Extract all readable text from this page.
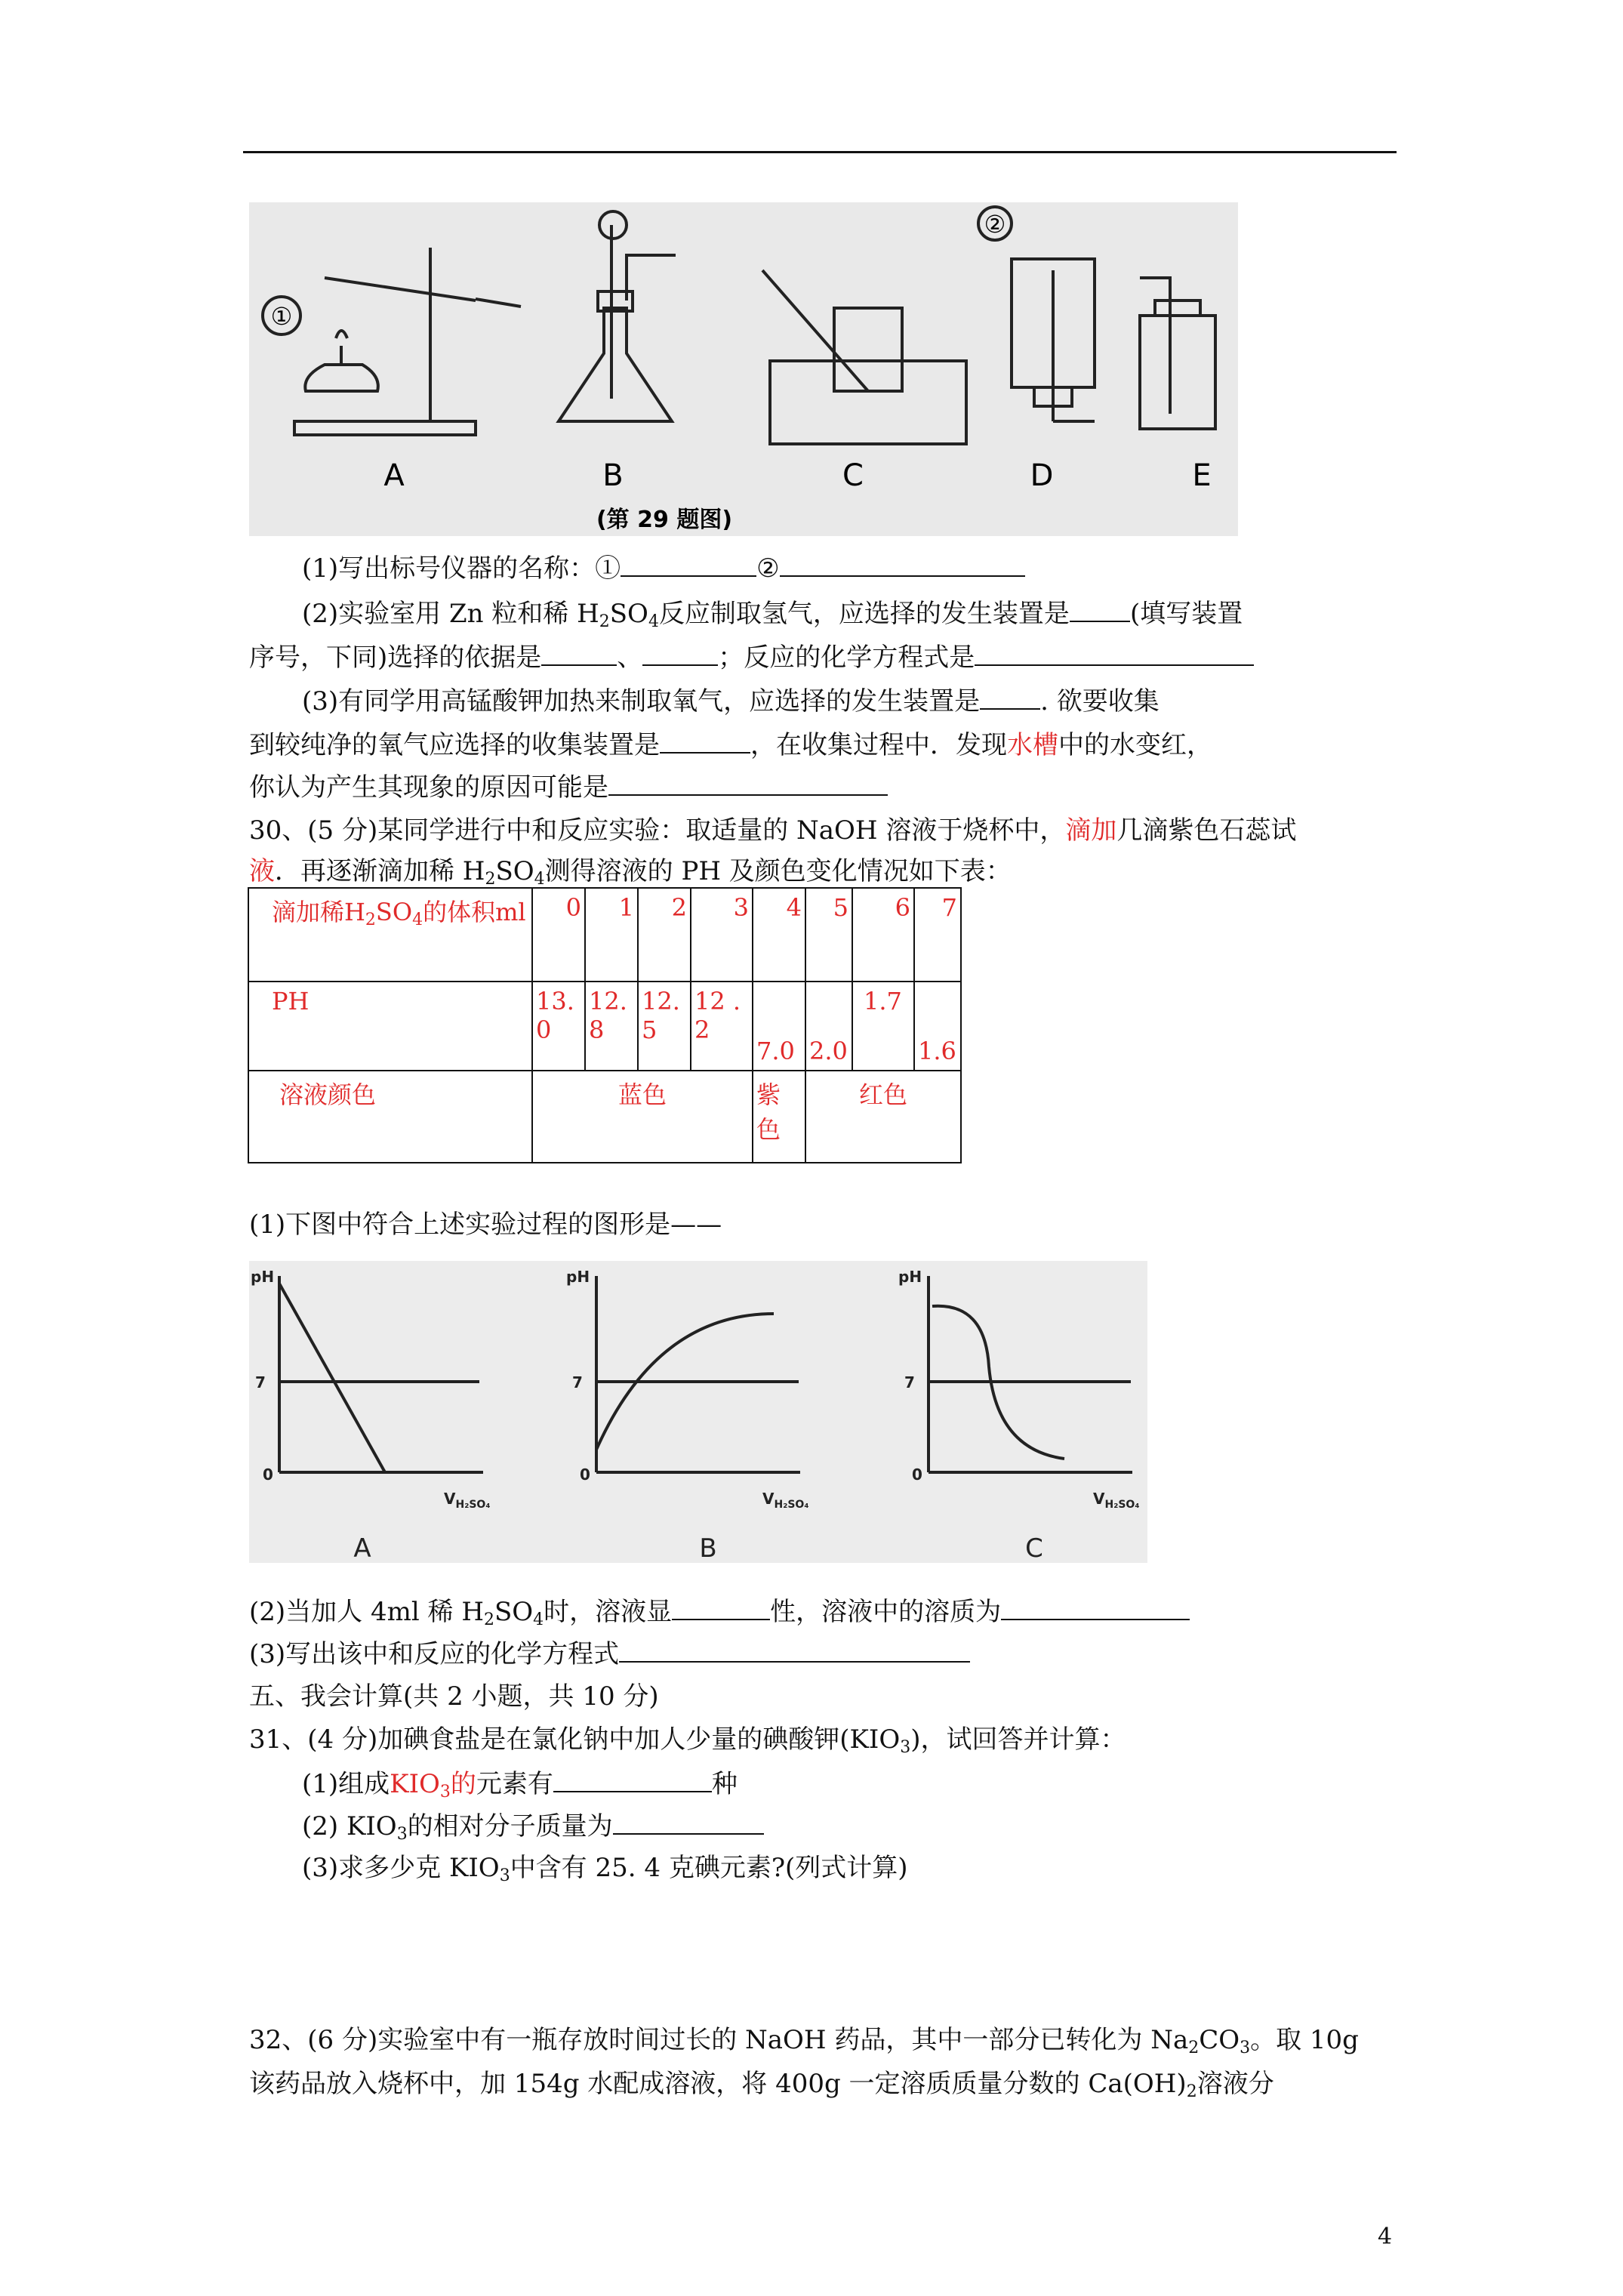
①
②
A	B	C	D	E
(第 29 题图)
(1)写出标号仪器的名称：①	②
(2)实验室用 Zn 粒和稀 $H_2SO_4$反应制取氢气，应选择的发生装置是 (填写装置
序号，下同)选择的依据是	、	；反应的化学方程式是
(3)有同学用高锰酸钾加热来制取氧气，应选择的发生装置是 . 欲要收集
到较纯净的氧气应选择的收集装置是	，在收集过程中．发现水槽中的水变红，
你认为产生其现象的原因可能是
30、(5 分)某同学进行中和反应实验：取适量的 NaOH 溶液于烧杯中，滴加几滴紫色石蕊试
液．再逐渐滴加稀 $H_2SO_4$测得溶液的 PH 及颜色变化情况如下表：
滴加稀$H_2SO_4$的体积ml	0	1	2	3	4	5	6	7
PH	13.0	12.8	12.5	12 .2	7.0	2.0	1.7	1.6
溶液颜色	蓝色				紫色	红色		
(1)下图中符合上述实验过程的图形是——
pH
7
0
$V_{H_2SO_4}$
pH
7
0
$V_{H_2SO_4}$
pH
7
0
$V_{H_2SO_4}$
A	B	C
(2)当加人 4ml 稀 $H_2SO_4$时，溶液显	性，溶液中的溶质为
(3)写出该中和反应的化学方程式
五、我会计算(共 2 小题，共 10 分)
31、(4 分)加碘食盐是在氯化钠中加人少量的碘酸钾$(KIO_3)$，试回答并计算：
(1)组成$KIO_3$的元素有	种
(2) $KIO_3$的相对分子质量为
(3)求多少克 $KIO_3$中含有 25. 4 克碘元素?(列式计算)
32、(6 分)实验室中有一瓶存放时间过长的 NaOH 药品，其中一部分已转化为 $Na_2CO_3$。取 10g
该药品放入烧杯中，加 154g 水配成溶液，将 400g 一定溶质质量分数的 $Ca(OH)_2$溶液分
4
